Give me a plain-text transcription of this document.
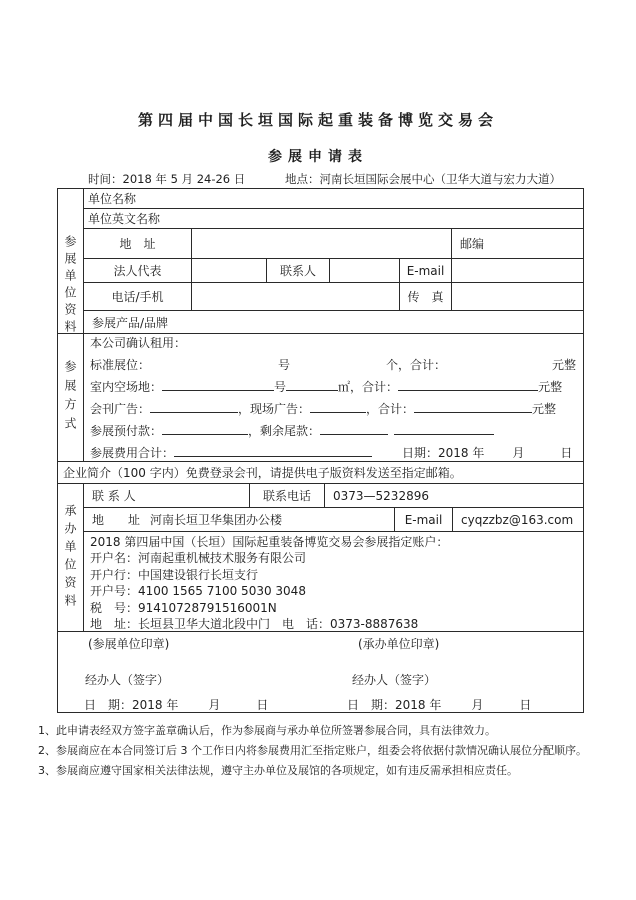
第四届中国长垣国际起重装备博览交易会
参展申请表
时间：2018 年 5 月 24-26 日	地点：河南长垣国际会展中心（卫华大道与宏力大道）
参展单位资料
单位名称
单位英文名称
地　址	邮编
法人代表	联系人	E-mail
电话/手机	传　真
参展产品/品牌
参展方式
本公司确认租用：
标准展位：	号	个，合计：	元整
室内空场地：	号	㎡，合计：	元整
会刊广告：	，现场广告：	，合计：	元整
参展预付款：	，剩余尾款：
参展费用合计：	日期：2018 年 月	日
企业简介（100 字内）免费登录会刊，请提供电子版资料发送至指定邮箱。
承办单位资料
联 系 人	联系电话	0373—5232896
地　　址 河南长垣卫华集团办公楼	E-mail	cyqzzbz@163.com
2018 第四届中国（长垣）国际起重装备博览交易会参展指定账户：
开户名：河南起重机械技术服务有限公司
开户行：中国建设银行长垣支行
开户号：4100 1565 7100 5030 3048
税　号：91410728791516001N
地　址：长垣县卫华大道北段中门　电　话：0373-8887638
(参展单位印章)
经办人（签字）
日　期：2018 年	月	日
(承办单位印章)
经办人（签字）
日　期：2018 年	月	日
1、此申请表经双方签字盖章确认后，作为参展商与承办单位所签署参展合同，具有法律效力。
2、参展商应在本合同签订后 3 个工作日内将参展费用汇至指定账户，组委会将依据付款情况确认展位分配顺序。
3、参展商应遵守国家相关法律法规，遵守主办单位及展馆的各项规定，如有违反需承担相应责任。
